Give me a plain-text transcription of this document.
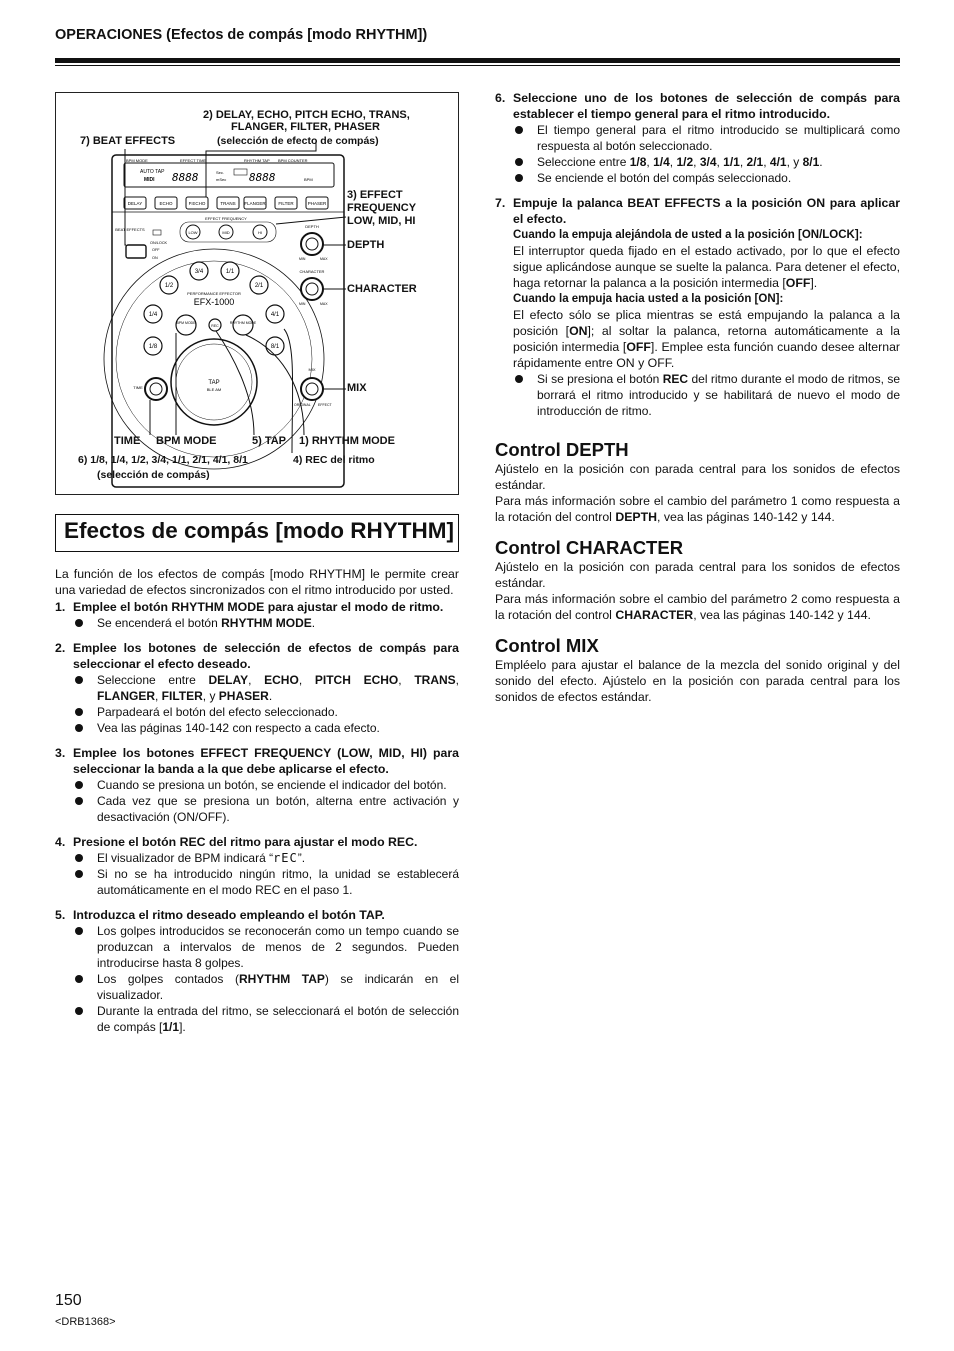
OPERACIONES (Efectos de compás [modo RHYTHM])
BPM MODE	EFFECT TIME	RHYTHM TAP BPM COUNTER
AUTO TAP
MIDI 8888	Sec.
mSec 8888	BPM
DELAY	ECHO	P.ECHO	TRANS FLANGER	FILTER	PHASER
EFFECT FREQUENCY
LOW	MID	HI
BEAT EFFECTS
ON/LOCK
OFF
ON
PERFORMANCE EFFECTOR
EFX-1000
3/4	1/1
1/2	2/1
1/4	4/1
1/8	8/1
BPM MODE
REC
RHYTHM MODE
TAP
BLE AM
TIME
DEPTH
MIN	MAX
CHARACTER
MIN	MAX
MIX
ORIGINAL EFFECT
2) DELAY, ECHO, PITCH ECHO, TRANS,
FLANGER, FILTER, PHASER
(selección de efecto de compás)
7) BEAT EFFECTS
3) EFFECT
FREQUENCY
LOW, MID, HI
DEPTH
CHARACTER
MIX
TIME BPM MODE	5) TAP 1) RHYTHM MODE
6) 1/8, 1/4, 1/2, 3/4, 1/1, 2/1, 4/1, 8/1
(selección de compás)
4) REC del ritmo
Efectos de compás [modo RHYTHM]

La función de los efectos de compás [modo RHYTHM] le permite crear una variedad de efectos sincronizados con el ritmo introducido por usted.

1. Emplee el botón RHYTHM MODE para ajustar el modo de ritmo.
Se encenderá el botón RHYTHM MODE.
2. Emplee los botones de selección de efectos de compás para seleccionar el efecto deseado.
Seleccione entre DELAY, ECHO, PITCH ECHO, TRANS, FLANGER, FILTER, y PHASER.
Parpadeará el botón del efecto seleccionado.
Vea las páginas 140-142 con respecto a cada efecto.
3. Emplee los botones EFFECT FREQUENCY (LOW, MID, HI) para seleccionar la banda a la que debe aplicarse el efecto.
Cuando se presiona un botón, se enciende el indicador del botón.
Cada vez que se presiona un botón, alterna entre activación y desactivación (ON/OFF).
4. Presione el botón REC del ritmo para ajustar el modo REC.
El visualizador de BPM indicará “rEC”.
Si no se ha introducido ningún ritmo, la unidad se establecerá automáticamente en el modo REC en el paso 1.
5. Introduzca el ritmo deseado empleando el botón TAP.
Los golpes introducidos se reconocerán como un tempo cuando se produzcan a intervalos de menos de 2 segundos. Pueden introducirse hasta 8 golpes.
Los golpes contados (RHYTHM TAP) se indicarán en el visualizador.
Durante la entrada del ritmo, se seleccionará el botón de selección de compás [1/1].
6. Seleccione uno de los botones de selección de compás para establecer el tiempo general para el ritmo introducido.
El tiempo general para el ritmo introducido se multiplicará como respuesta al botón seleccionado.
Seleccione entre 1/8, 1/4, 1/2, 3/4, 1/1, 2/1, 4/1, y 8/1.
Se enciende el botón del compás seleccionado.
7. Empuje la palanca BEAT EFFECTS a la posición ON para aplicar el efecto.

Cuando la empuja alejándola de usted a la posición [ON/LOCK]:

El interruptor queda fijado en el estado activado, por lo que el efecto sigue aplicándose aunque se suelte la palanca. Para detener el efecto, haga retornar la palanca a la posición intermedia [OFF].

Cuando la empuja hacia usted a la posición [ON]:

El efecto sólo se plica mientras se está empujando la palanca a la posición [ON]; al soltar la palanca, retorna automáticamente a la posición intermedia [OFF]. Emplee esta función cuando desee alternar rápidamente entre ON y OFF.

Si se presiona el botón REC del ritmo durante el modo de ritmos, se borrará el ritmo introducido y se habilitará de nuevo el modo de introducción de ritmo.
Control DEPTH

Ajústelo en la posición con parada central para los sonidos de efectos estándar.

Para más información sobre el cambio del parámetro 1 como respuesta a la rotación del control DEPTH, vea las páginas 140-142 y 144.

Control CHARACTER

Ajústelo en la posición con parada central para los sonidos de efectos estándar.

Para más información sobre el cambio del parámetro 2 como respuesta a la rotación del control CHARACTER, vea las páginas 140-142 y 144.

Control MIX

Empléelo para ajustar el balance de la mezcla del sonido original y del sonido del efecto. Ajústelo en la posición con parada central para los sonidos de efectos estándar.

150
<DRB1368>
